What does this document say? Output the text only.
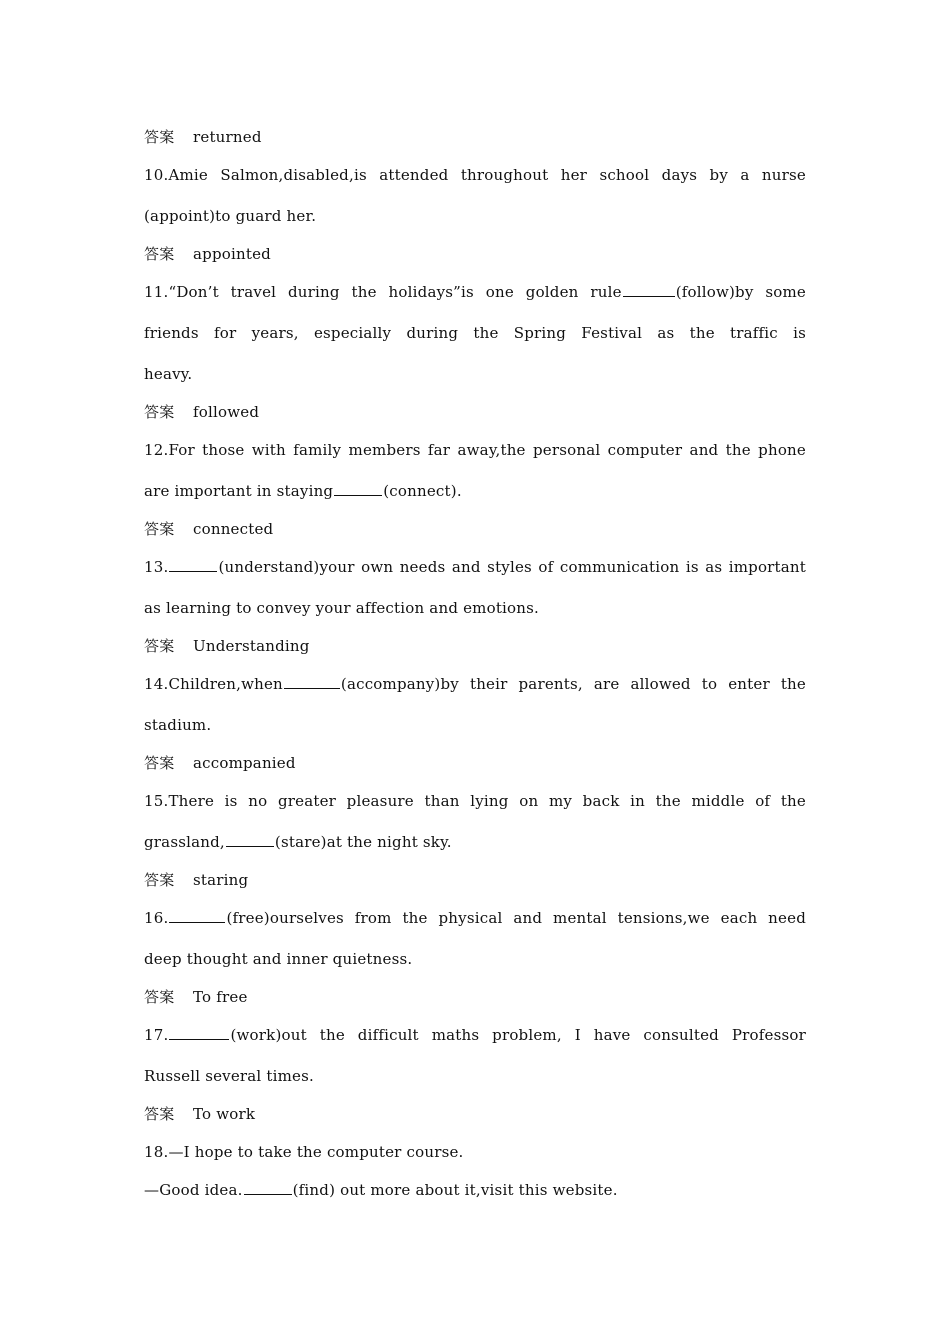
答案 returned
10.Amie Salmon,disabled,is attended throughout her school days by a nurse
(appoint)to guard her.
答案 appointed
11.“Don’t travel during the holidays”is one golden rule	(follow)by some
friends for years, especially during the Spring Festival as the traffic is
heavy.
答案 followed
12.For those with family members far away,the personal computer and the phone
are important in staying	(connect).
答案 connected
13.	(understand)your own needs and styles of communication is as important
as learning to convey your affection and emotions.
答案 Understanding
14.Children,when	(accompany)by their parents, are allowed to enter the
stadium.
答案 accompanied
15.There is no greater pleasure than lying on my back in the middle of the
grassland,	(stare)at the night sky.
答案 staring
16.	(free)ourselves from the physical and mental tensions,we each need
deep thought and inner quietness.
答案 To free
17.	(work)out the difficult maths problem, I have consulted Professor
Russell several times.
答案 To work
18.—I hope to take the computer course.
—Good idea.	(find) out more about it,visit this website.
